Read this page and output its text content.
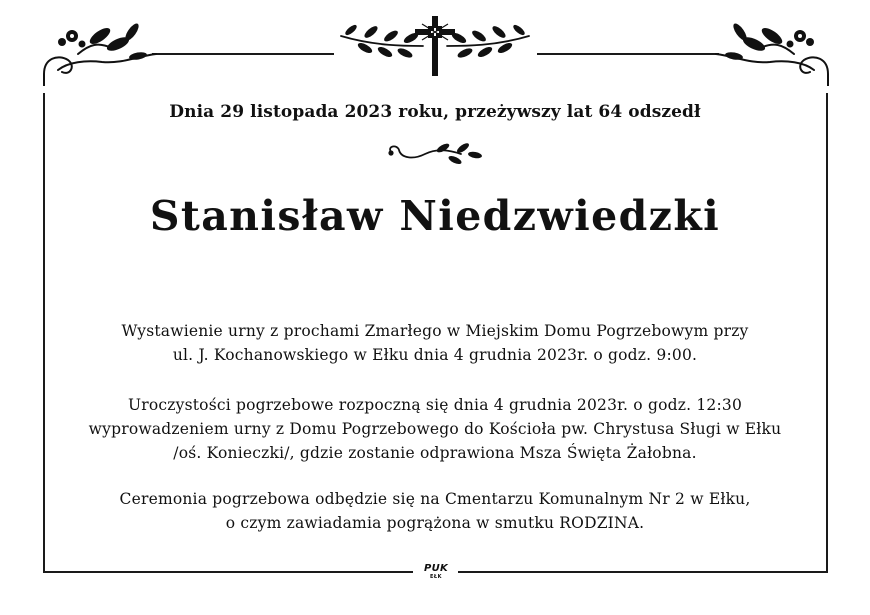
Dnia 29 listopada 2023 roku, przeżywszy lat 64 odszedł
Stanisław Niedzwiedzki
Wystawienie urny z prochami Zmarłego w Miejskim Domu Pogrzebowym przy
ul. J. Kochanowskiego w Ełku dnia 4 grudnia 2023r. o godz. 9:00.
Uroczystości pogrzebowe rozpoczną się dnia 4 grudnia 2023r. o godz. 12:30
wyprowadzeniem urny z Domu Pogrzebowego do Kościoła pw. Chrystusa Sługi w Ełku
/oś. Konieczki/, gdzie zostanie odprawiona Msza Święta Żałobna.
Ceremonia pogrzebowa odbędzie się na Cmentarzu Komunalnym Nr 2 w Ełku,
o czym zawiadamia pogrążona w smutku RODZINA.
PUK
EŁK
